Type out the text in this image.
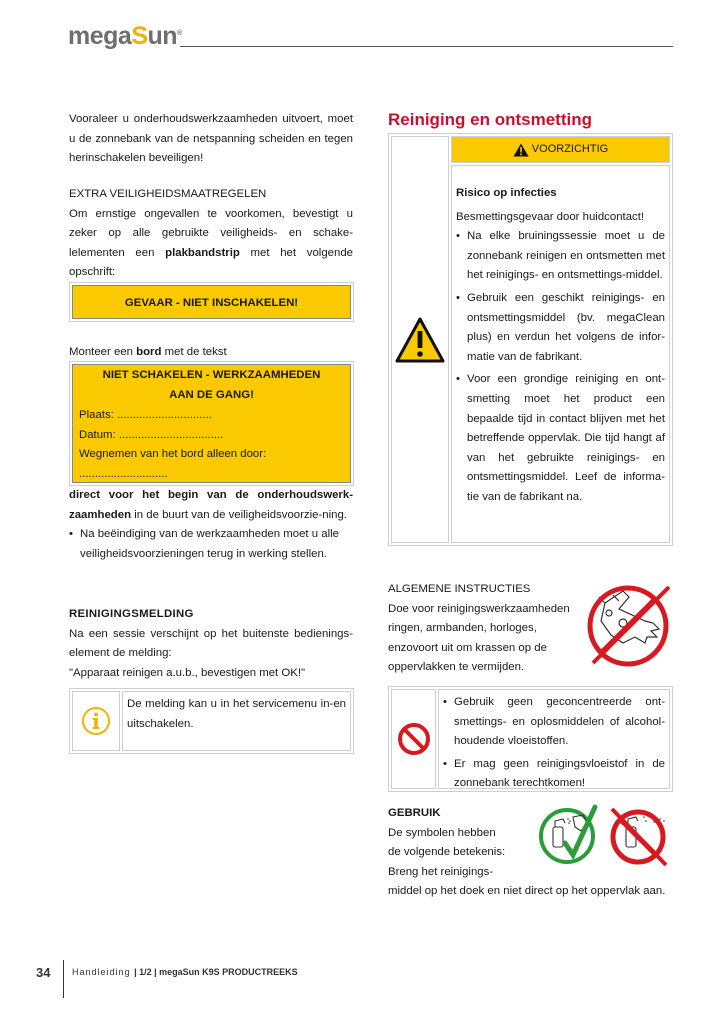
megaSun®

Vooraleer u onderhoudswerkzaamheden uitvoert, moet u de zonnebank van de netspanning scheiden en tegen herinschakelen beveiligen!

EXTRA VEILIGHEIDSMAATREGELEN

Om ernstige ongevallen te voorkomen, bevestigt u zeker op alle gebruikte veiligheids- en schake-lelementen een plakbandstrip met het volgende opschrift:

GEVAAR - NIET INSCHAKELEN!
Monteer een bord met de tekst
NIET SCHAKELEN - WERKZAAMHEDEN
AAN DE GANG!
Plaats: ..............................
Datum: .................................
Wegnemen van het bord alleen door:
............................

direct voor het begin van de onderhoudswerk-zaamheden in de buurt van de veiligheidsvoorzie-ning.

• Na beëindiging van de werkzaamheden moet u alle veiligheidsvoorzieningen terug in werking stellen.
REINIGINGSMELDING

Na een sessie verschijnt op het buitenste bedienings-element de melding:

"Apparaat reinigen a.u.b., bevestigen met OK!"

De melding kan u in het servicemenu in-en uitschakelen.

Reiniging en ontsmetting
VOORZICHTIG
Risico op infecties
Besmettingsgevaar door huidcontact!
• Na elke bruiningssessie moet u de zonnebank reinigen en ontsmetten met het reinigings- en ontsmettings-middel.
• Gebruik een geschikt reinigings- en ontsmettingsmiddel (bv. megaClean plus) en verdun het volgens de infor-matie van de fabrikant.
• Voor een grondige reiniging en ont-smetting moet het product een bepaalde tijd in contact blijven met het betreffende oppervlak. Die tijd hangt af van het gebruikte reinigings- en ontsmettingsmiddel. Leef de informa-tie van de fabrikant na.
ALGEMENE INSTRUCTIES
Doe voor reinigingswerkzaamheden ringen, armbanden, horloges, enzovoort uit om krassen op de oppervlakken te vermijden.
• Gebruik geen geconcentreerde ont-smettings- en oplosmiddelen of alcohol-houdende vloeistoffen.
• Er mag geen reinigingsvloeistof in de zonnebank terechtkomen!
GEBRUIK
De symbolen hebben
de volgende betekenis:
Breng het reinigings-

middel op het doek en niet direct op het oppervlak aan.

34 Handleiding | 1/2 | megaSun K9S PRODUCTREEKS
